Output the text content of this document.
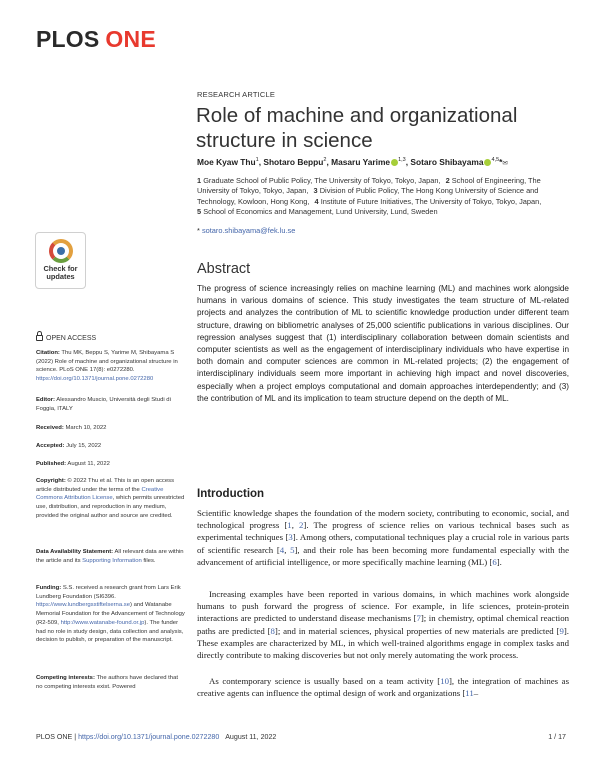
PLOS ONE
RESEARCH ARTICLE
Role of machine and organizational structure in science
Moe Kyaw Thu$^1$, Shotaro Beppu$^2$, Masaru Yarime $^{1,3}$, Sotaro Shibayama $^{4,5}$*✉
1 Graduate School of Public Policy, The University of Tokyo, Tokyo, Japan, 2 School of Engineering, The University of Tokyo, Tokyo, Japan, 3 Division of Public Policy, The Hong Kong University of Science and Technology, Kowloon, Hong Kong, 4 Institute of Future Initiatives, The University of Tokyo, Tokyo, Japan,
5 School of Economics and Management, Lund University, Lund, Sweden
* sotaro.shibayama@fek.lu.se
Check for
updates
OPEN ACCESS
Citation: Thu MK, Beppu S, Yarime M, Shibayama S (2022) Role of machine and organizational structure in science. PLoS ONE 17(8): e0272280. https://doi.org/10.1371/journal.pone.0272280
Editor: Alessandro Muscio, Università degli Studi di Foggia, ITALY
Received: March 10, 2022
Accepted: July 15, 2022
Published: August 11, 2022
Copyright: © 2022 Thu et al. This is an open access article distributed under the terms of the Creative Commons Attribution License, which permits unrestricted use, distribution, and reproduction in any medium, provided the original author and source are credited.
Data Availability Statement: All relevant data are within the article and its Supporting Information files.
Funding: S.S. received a research grant from Lars Erik Lundberg Foundation (SI6396. https://www.lundbergsstiftelserna.se) and Watanabe Memorial Foundation for the Advancement of Technology (R2-509, http://www.watanabe-found.or.jp). The funder had no role in study design, data collection and analysis, decision to publish, or preparation of the manuscript.
Competing interests: The authors have declared that no competing interests exist. Powered
Abstract

The progress of science increasingly relies on machine learning (ML) and machines work alongside humans in various domains of science. This study investigates the team structure of ML-related projects and analyzes the contribution of ML to scientific knowledge production under different team structure, drawing on bibliometric analyses of 25,000 scientific publications in various disciplines. Our regression analyses suggest that (1) interdisciplinary collaboration between domain scientists and computer scientists as well as the engagement of interdisciplinary individuals who have expertise in both domain and computer sciences are common in ML-related projects; (2) the engagement of interdisciplinary individuals seem more important in achieving high impact and novel discoveries, especially when a project employs computational and domain approaches interdependently; and (3) the contribution of ML and its implication to team structure depend on the depth of ML.

Introduction

Scientific knowledge shapes the foundation of the modern society, contributing to economic, social, and technological progress [1, 2]. The progress of science relies on various technical bases such as experimental techniques [3]. Among others, computational techniques play a crucial role in various parts of scientific research [4, 5], and their role has been becoming more fundamental especially with the advancement of artificial intelligence, or more specifically machine learning (ML) [6].

Increasing examples have been reported in various domains, in which machines work alongside humans to push forward the progress of science. For example, in life sciences, protein-protein interactions are predicted to understand disease mechanisms [7]; in chemistry, optimal chemical reaction paths are predicted [8]; and in material sciences, physical properties of new materials are predicted [9]. These examples are characterized by ML, in which well-trained algorithms engage in complex tasks and directly contribute to making discoveries but not only merely automating the work process.

As contemporary science is usually based on a team activity [10], the integration of machines as creative agents can influence the optimal design of work and organizations [11–

PLOS ONE | https://doi.org/10.1371/journal.pone.0272280 August 11, 2022	1 / 17
